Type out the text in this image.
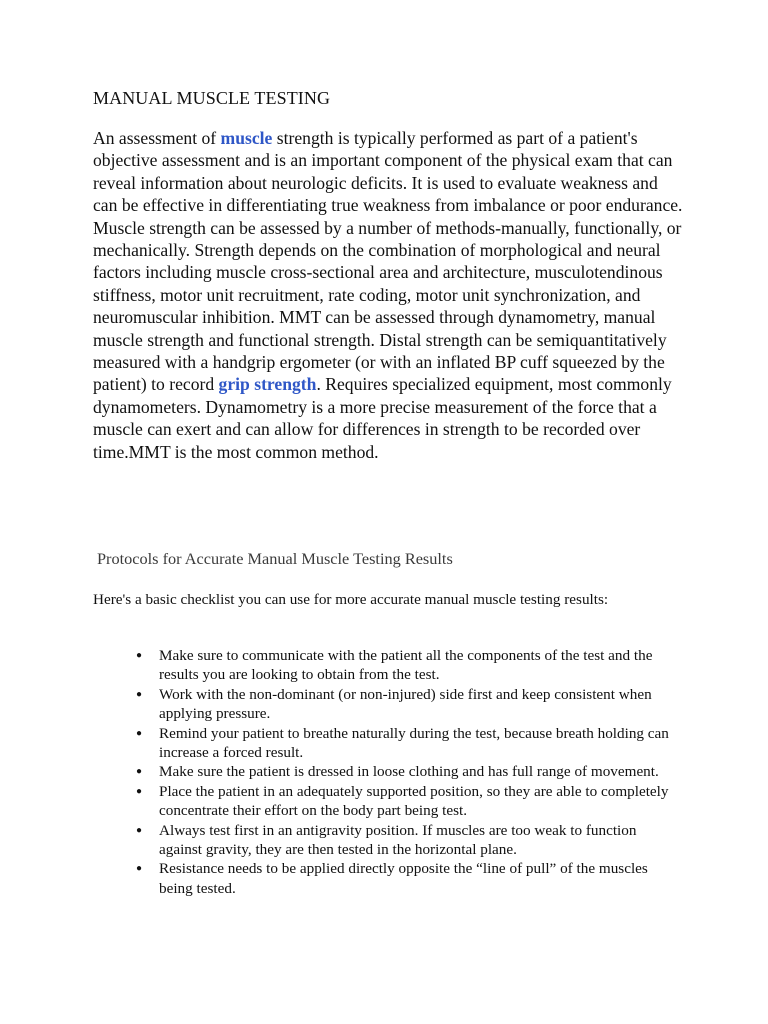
MANUAL MUSCLE TESTING

An assessment of muscle strength is typically performed as part of a patient's objective assessment and is an important component of the physical exam that can reveal information about neurologic deficits. It is used to evaluate weakness and can be effective in differentiating true weakness from imbalance or poor endurance. Muscle strength can be assessed by a number of methods-manually, functionally, or mechanically. Strength depends on the combination of morphological and neural factors including muscle cross-sectional area and architecture, musculotendinous stiffness, motor unit recruitment, rate coding, motor unit synchronization, and neuromuscular inhibition. MMT can be assessed through dynamometry, manual muscle strength and functional strength. Distal strength can be semiquantitatively measured with a handgrip ergometer (or with an inflated BP cuff squeezed by the patient) to record grip strength. Requires specialized equipment, most commonly dynamometers. Dynamometry is a more precise measurement of the force that a muscle can exert and can allow for differences in strength to be recorded over time.MMT is the most common method.

Protocols for Accurate Manual Muscle Testing Results

Here's a basic checklist you can use for more accurate manual muscle testing results:

● Make sure to communicate with the patient all the components of the test and the results you are looking to obtain from the test.
● Work with the non-dominant (or non-injured) side first and keep consistent when applying pressure.
● Remind your patient to breathe naturally during the test, because breath holding can increase a forced result.
● Make sure the patient is dressed in loose clothing and has full range of movement.
● Place the patient in an adequately supported position, so they are able to completely concentrate their effort on the body part being test.
● Always test first in an antigravity position. If muscles are too weak to function against gravity, they are then tested in the horizontal plane.
● Resistance needs to be applied directly opposite the “line of pull” of the muscles being tested.
